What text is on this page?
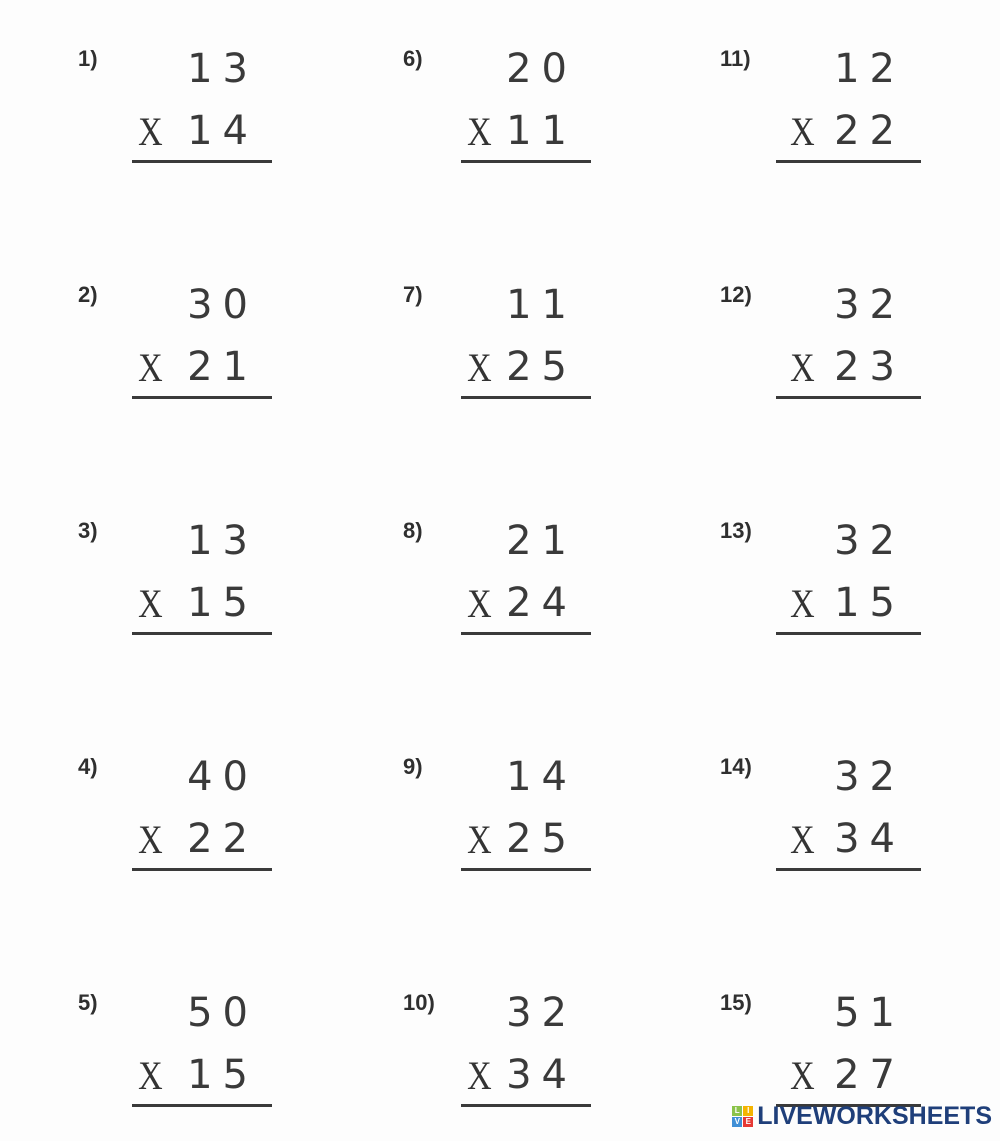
1) 13
X 14
2) 30
X 21
3) 13
X 15
4) 40
X 22
5) 50
X 15
6) 20
X 11
7) 11
X 25
8) 21
X 24
9) 14
X 25
10) 32
X 34
11) 12
X 22
12) 32
X 23
13) 32
X 15
14) 32
X 34
15) 51
X 27
L I
V E LIVEWORKSHEETS
